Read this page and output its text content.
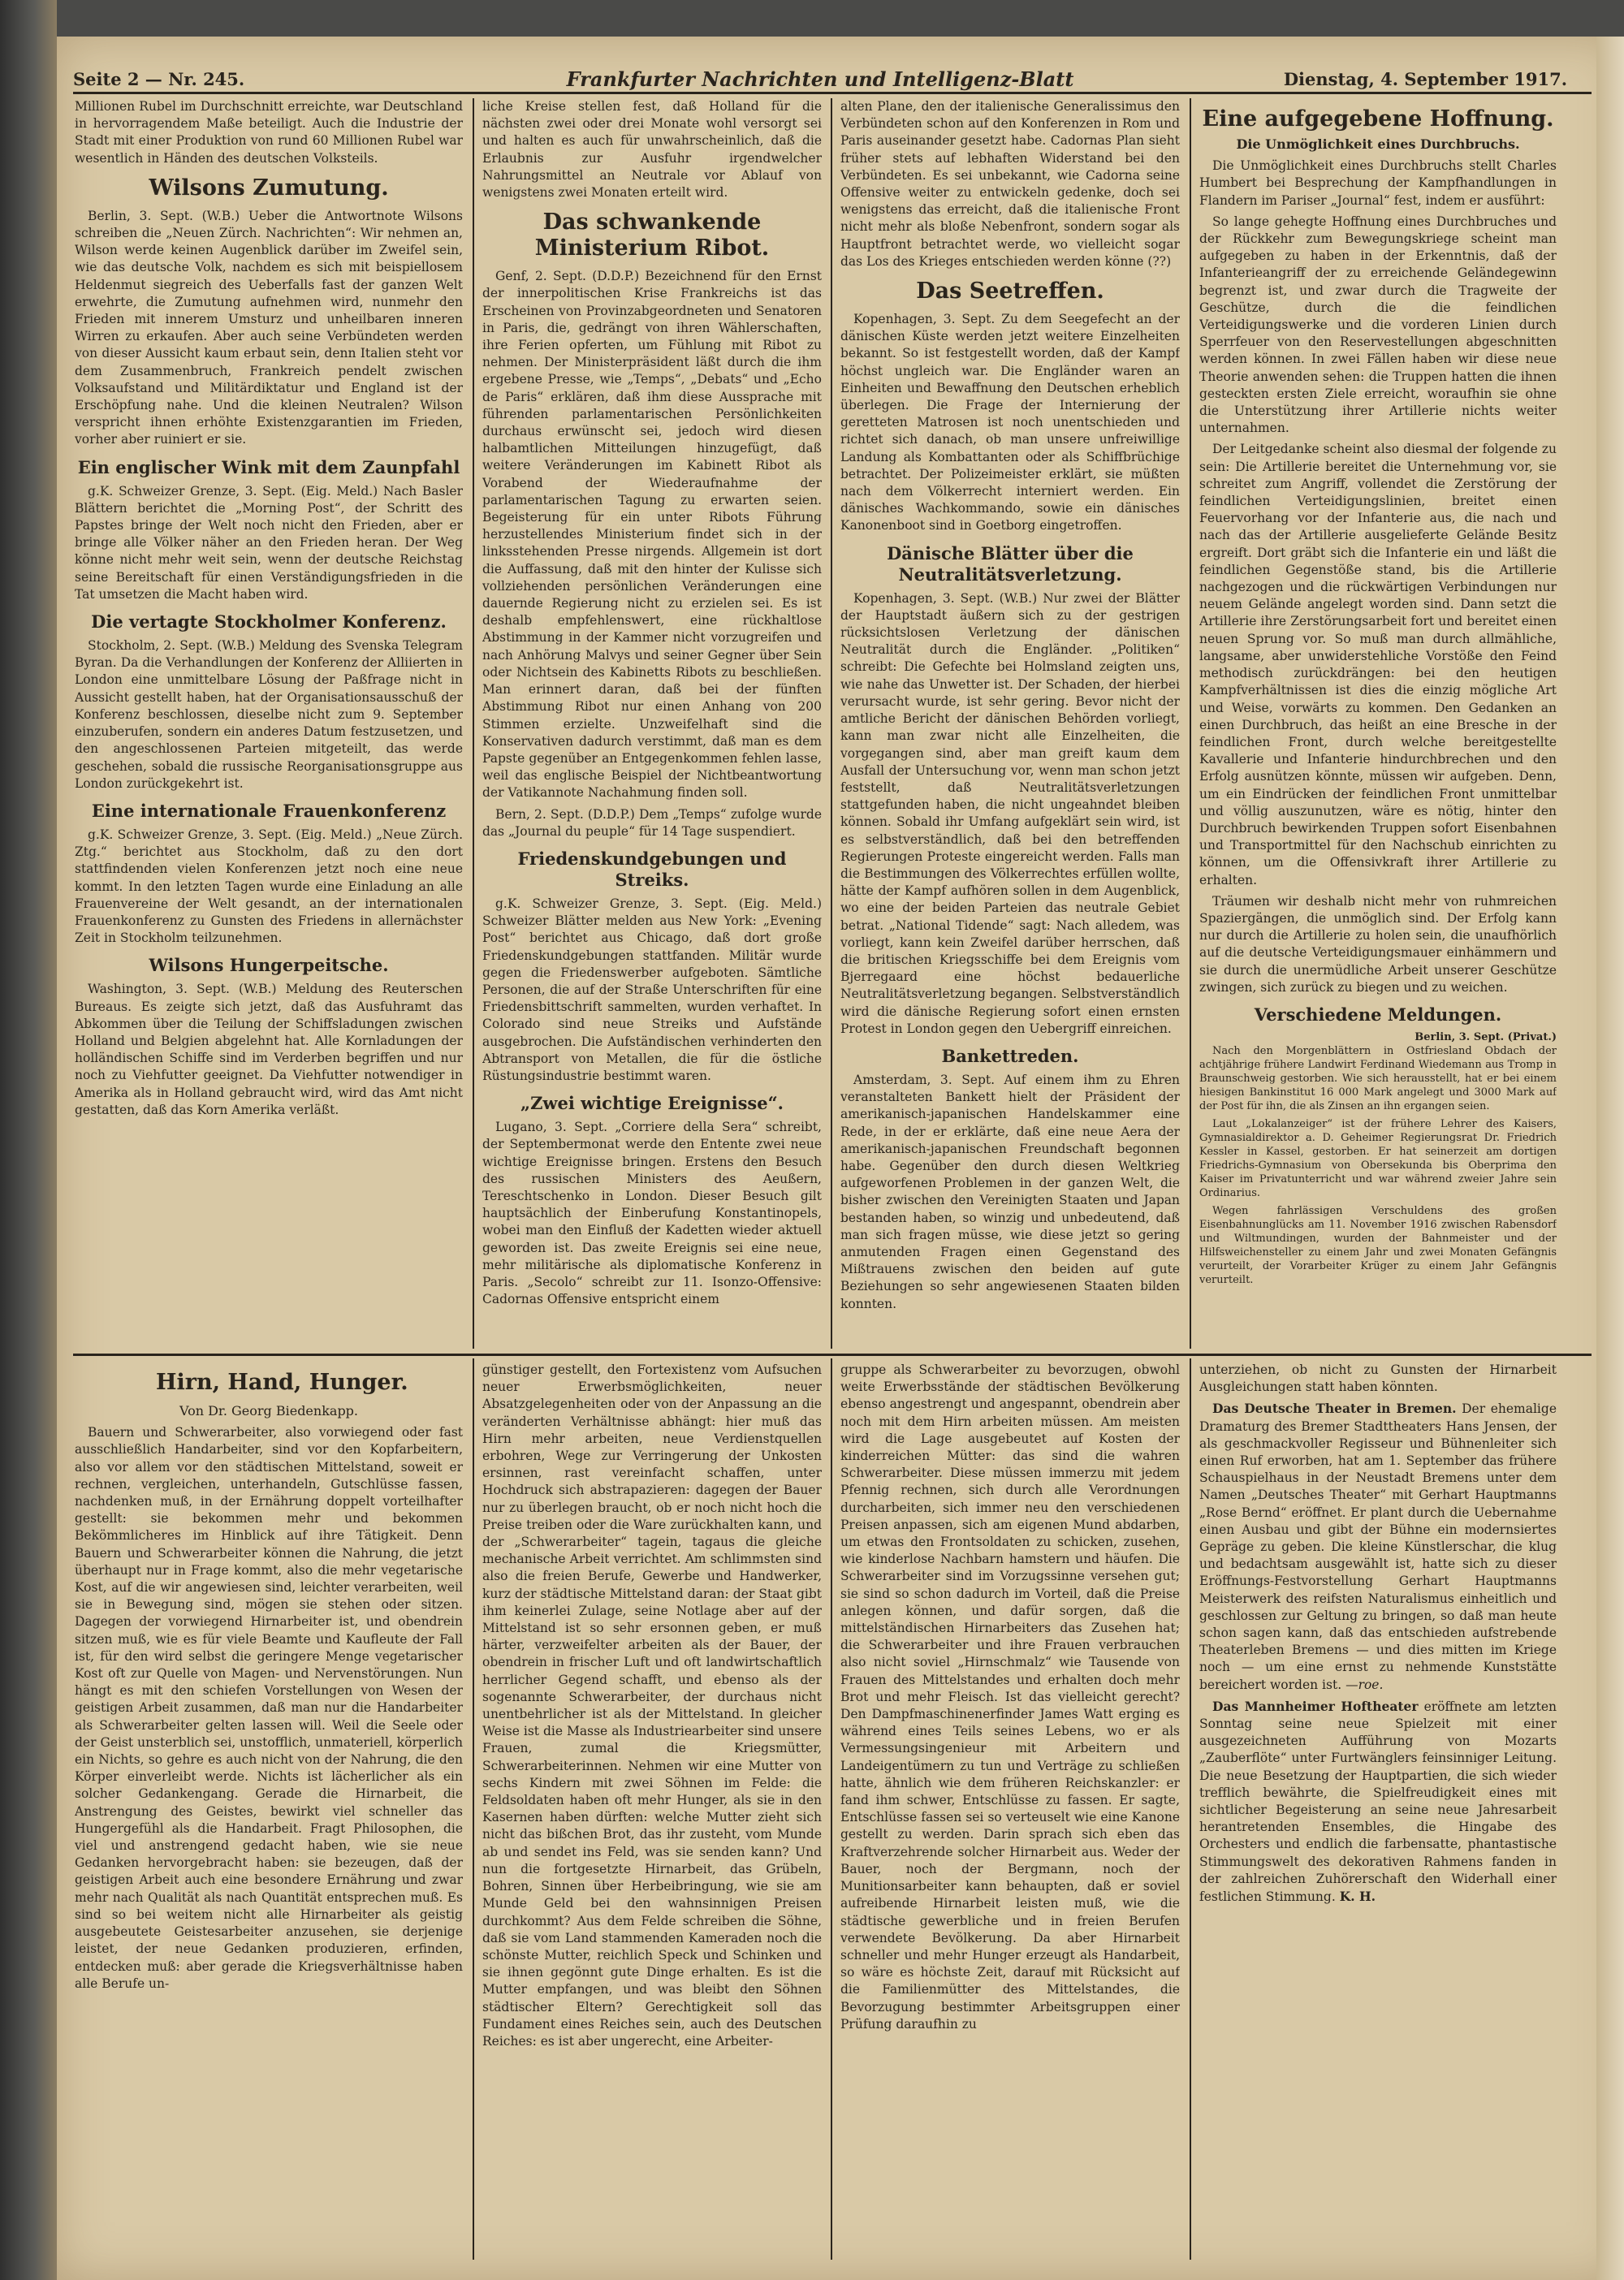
Seite 2 — Nr. 245.	Frankfurter Nachrichten und Intelligenz-Blatt	Dienstag, 4. September 1917.

Millionen Rubel im Durchschnitt erreichte, war Deutschland in hervorragendem Maße beteiligt. Auch die Industrie der Stadt mit einer Produktion von rund 60 Millionen Rubel war wesentlich in Händen des deutschen Volksteils.

Wilsons Zumutung.

Berlin, 3. Sept. (W.B.) Ueber die Antwortnote Wilsons schreiben die „Neuen Zürch. Nachrichten“: Wir nehmen an, Wilson werde keinen Augenblick darüber im Zweifel sein, wie das deutsche Volk, nachdem es sich mit beispiellosem Heldenmut siegreich des Ueberfalls fast der ganzen Welt erwehrte, die Zumutung aufnehmen wird, nunmehr den Frieden mit innerem Umsturz und unheilbaren inneren Wirren zu erkaufen. Aber auch seine Verbündeten werden von dieser Aussicht kaum erbaut sein, denn Italien steht vor dem Zusammenbruch, Frankreich pendelt zwischen Volksaufstand und Militärdiktatur und England ist der Erschöpfung nahe. Und die kleinen Neutralen? Wilson verspricht ihnen erhöhte Existenzgarantien im Frieden, vorher aber ruiniert er sie.

Ein englischer Wink mit dem Zaunpfahl

g.K. Schweizer Grenze, 3. Sept. (Eig. Meld.) Nach Basler Blättern berichtet die „Morning Post“, der Schritt des Papstes bringe der Welt noch nicht den Frieden, aber er bringe alle Völker näher an den Frieden heran. Der Weg könne nicht mehr weit sein, wenn der deutsche Reichstag seine Bereitschaft für einen Verständigungsfrieden in die Tat umsetzen die Macht haben wird.

Die vertagte Stockholmer Konferenz.

Stockholm, 2. Sept. (W.B.) Meldung des Svenska Telegram Byran. Da die Verhandlungen der Konferenz der Alliierten in London eine unmittelbare Lösung der Paßfrage nicht in Aussicht gestellt haben, hat der Organisationsausschuß der Konferenz beschlossen, dieselbe nicht zum 9. September einzuberufen, sondern ein anderes Datum festzusetzen, und den angeschlossenen Parteien mitgeteilt, das werde geschehen, sobald die russische Reorganisationsgruppe aus London zurückgekehrt ist.

Eine internationale Frauenkonferenz

g.K. Schweizer Grenze, 3. Sept. (Eig. Meld.) „Neue Zürch. Ztg.“ berichtet aus Stockholm, daß zu den dort stattfindenden vielen Konferenzen jetzt noch eine neue kommt. In den letzten Tagen wurde eine Einladung an alle Frauenvereine der Welt gesandt, an der internationalen Frauenkonferenz zu Gunsten des Friedens in allernächster Zeit in Stockholm teilzunehmen.

Wilsons Hungerpeitsche.

Washington, 3. Sept. (W.B.) Meldung des Reuterschen Bureaus. Es zeigte sich jetzt, daß das Ausfuhramt das Abkommen über die Teilung der Schiffsladungen zwischen Holland und Belgien abgelehnt hat. Alle Kornladungen der holländischen Schiffe sind im Verderben begriffen und nur noch zu Viehfutter geeignet. Da Viehfutter notwendiger in Amerika als in Holland gebraucht wird, wird das Amt nicht gestatten, daß das Korn Amerika verläßt.

liche Kreise stellen fest, daß Holland für die nächsten zwei oder drei Monate wohl versorgt sei und halten es auch für unwahrscheinlich, daß die Erlaubnis zur Ausfuhr irgendwelcher Nahrungsmittel an Neutrale vor Ablauf von wenigstens zwei Monaten erteilt wird.

Das schwankende Ministerium Ribot.

Genf, 2. Sept. (D.D.P.) Bezeichnend für den Ernst der innerpolitischen Krise Frankreichs ist das Erscheinen von Provinzabgeordneten und Senatoren in Paris, die, gedrängt von ihren Wählerschaften, ihre Ferien opferten, um Fühlung mit Ribot zu nehmen. Der Ministerpräsident läßt durch die ihm ergebene Presse, wie „Temps“, „Debats“ und „Echo de Paris“ erklären, daß ihm diese Aussprache mit führenden parlamentarischen Persönlichkeiten durchaus erwünscht sei, jedoch wird diesen halbamtlichen Mitteilungen hinzugefügt, daß weitere Veränderungen im Kabinett Ribot als Vorabend der Wiederaufnahme der parlamentarischen Tagung zu erwarten seien. Begeisterung für ein unter Ribots Führung herzustellendes Ministerium findet sich in der linksstehenden Presse nirgends. Allgemein ist dort die Auffassung, daß mit den hinter der Kulisse sich vollziehenden persönlichen Veränderungen eine dauernde Regierung nicht zu erzielen sei. Es ist deshalb empfehlenswert, eine rückhaltlose Abstimmung in der Kammer nicht vorzugreifen und nach Anhörung Malvys und seiner Gegner über Sein oder Nichtsein des Kabinetts Ribots zu beschließen. Man erinnert daran, daß bei der fünften Abstimmung Ribot nur einen Anhang von 200 Stimmen erzielte. Unzweifelhaft sind die Konservativen dadurch verstimmt, daß man es dem Papste gegenüber an Entgegenkommen fehlen lasse, weil das englische Beispiel der Nichtbeantwortung der Vatikannote Nachahmung finden soll.

Bern, 2. Sept. (D.D.P.) Dem „Temps“ zufolge wurde das „Journal du peuple“ für 14 Tage suspendiert.

Friedenskundgebungen und Streiks.

g.K. Schweizer Grenze, 3. Sept. (Eig. Meld.) Schweizer Blätter melden aus New York: „Evening Post“ berichtet aus Chicago, daß dort große Friedenskundgebungen stattfanden. Militär wurde gegen die Friedenswerber aufgeboten. Sämtliche Personen, die auf der Straße Unterschriften für eine Friedensbittschrift sammelten, wurden verhaftet. In Colorado sind neue Streiks und Aufstände ausgebrochen. Die Aufständischen verhinderten den Abtransport von Metallen, die für die östliche Rüstungsindustrie bestimmt waren.

„Zwei wichtige Ereignisse“.

Lugano, 3. Sept. „Corriere della Sera“ schreibt, der Septembermonat werde den Entente zwei neue wichtige Ereignisse bringen. Erstens den Besuch des russischen Ministers des Aeußern, Tereschtschenko in London. Dieser Besuch gilt hauptsächlich der Einberufung Konstantinopels, wobei man den Einfluß der Kadetten wieder aktuell geworden ist. Das zweite Ereignis sei eine neue, mehr militärische als diplomatische Konferenz in Paris. „Secolo“ schreibt zur 11. Isonzo-Offensive: Cadornas Offensive entspricht einem

alten Plane, den der italienische Generalissimus den Verbündeten schon auf den Konferenzen in Rom und Paris auseinander gesetzt habe. Cadornas Plan sieht früher stets auf lebhaften Widerstand bei den Verbündeten. Es sei unbekannt, wie Cadorna seine Offensive weiter zu entwickeln gedenke, doch sei wenigstens das erreicht, daß die italienische Front nicht mehr als bloße Nebenfront, sondern sogar als Hauptfront betrachtet werde, wo vielleicht sogar das Los des Krieges entschieden werden könne (??)

Das Seetreffen.

Kopenhagen, 3. Sept. Zu dem Seegefecht an der dänischen Küste werden jetzt weitere Einzelheiten bekannt. So ist festgestellt worden, daß der Kampf höchst ungleich war. Die Engländer waren an Einheiten und Bewaffnung den Deutschen erheblich überlegen. Die Frage der Internierung der geretteten Matrosen ist noch unentschieden und richtet sich danach, ob man unsere unfreiwillige Landung als Kombattanten oder als Schiffbrüchige betrachtet. Der Polizeimeister erklärt, sie müßten nach dem Völkerrecht interniert werden. Ein dänisches Wachkommando, sowie ein dänisches Kanonenboot sind in Goetborg eingetroffen.

Dänische Blätter über die Neutralitätsverletzung.

Kopenhagen, 3. Sept. (W.B.) Nur zwei der Blätter der Hauptstadt äußern sich zu der gestrigen rücksichtslosen Verletzung der dänischen Neutralität durch die Engländer. „Politiken“ schreibt: Die Gefechte bei Holmsland zeigten uns, wie nahe das Unwetter ist. Der Schaden, der hierbei verursacht wurde, ist sehr gering. Bevor nicht der amtliche Bericht der dänischen Behörden vorliegt, kann man zwar nicht alle Einzelheiten, die vorgegangen sind, aber man greift kaum dem Ausfall der Untersuchung vor, wenn man schon jetzt feststellt, daß Neutralitätsverletzungen stattgefunden haben, die nicht ungeahndet bleiben können. Sobald ihr Umfang aufgeklärt sein wird, ist es selbstverständlich, daß bei den betreffenden Regierungen Proteste eingereicht werden. Falls man die Bestimmungen des Völkerrechtes erfüllen wollte, hätte der Kampf aufhören sollen in dem Augenblick, wo eine der beiden Parteien das neutrale Gebiet betrat. „National Tidende“ sagt: Nach alledem, was vorliegt, kann kein Zweifel darüber herrschen, daß die britischen Kriegsschiffe bei dem Ereignis vom Bjerregaard eine höchst bedauerliche Neutralitätsverletzung begangen. Selbstverständlich wird die dänische Regierung sofort einen ernsten Protest in London gegen den Uebergriff einreichen.

Bankettreden.

Amsterdam, 3. Sept. Auf einem ihm zu Ehren veranstalteten Bankett hielt der Präsident der amerikanisch-japanischen Handelskammer eine Rede, in der er erklärte, daß eine neue Aera der amerikanisch-japanischen Freundschaft begonnen habe. Gegenüber den durch diesen Weltkrieg aufgeworfenen Problemen in der ganzen Welt, die bisher zwischen den Vereinigten Staaten und Japan bestanden haben, so winzig und unbedeutend, daß man sich fragen müsse, wie diese jetzt so gering anmutenden Fragen einen Gegenstand des Mißtrauens zwischen den beiden auf gute Beziehungen so sehr angewiesenen Staaten bilden konnten.

Eine aufgegebene Hoffnung.
Die Unmöglichkeit eines Durchbruchs.

Die Unmöglichkeit eines Durchbruchs stellt Charles Humbert bei Besprechung der Kampfhandlungen in Flandern im Pariser „Journal“ fest, indem er ausführt:

So lange gehegte Hoffnung eines Durchbruches und der Rückkehr zum Bewegungskriege scheint man aufgegeben zu haben in der Erkenntnis, daß der Infanterieangriff der zu erreichende Geländegewinn begrenzt ist, und zwar durch die Tragweite der Geschütze, durch die die feindlichen Verteidigungswerke und die vorderen Linien durch Sperrfeuer von den Reservestellungen abgeschnitten werden können. In zwei Fällen haben wir diese neue Theorie anwenden sehen: die Truppen hatten die ihnen gesteckten ersten Ziele erreicht, woraufhin sie ohne die Unterstützung ihrer Artillerie nichts weiter unternahmen.

Der Leitgedanke scheint also diesmal der folgende zu sein: Die Artillerie bereitet die Unternehmung vor, sie schreitet zum Angriff, vollendet die Zerstörung der feindlichen Verteidigungslinien, breitet einen Feuervorhang vor der Infanterie aus, die nach und nach das der Artillerie ausgelieferte Gelände Besitz ergreift. Dort gräbt sich die Infanterie ein und läßt die feindlichen Gegenstöße stand, bis die Artillerie nachgezogen und die rückwärtigen Verbindungen nur neuem Gelände angelegt worden sind. Dann setzt die Artillerie ihre Zerstörungsarbeit fort und bereitet einen neuen Sprung vor. So muß man durch allmähliche, langsame, aber unwiderstehliche Vorstöße den Feind methodisch zurückdrängen: bei den heutigen Kampfverhältnissen ist dies die einzig mögliche Art und Weise, vorwärts zu kommen. Den Gedanken an einen Durchbruch, das heißt an eine Bresche in der feindlichen Front, durch welche bereitgestellte Kavallerie und Infanterie hindurchbrechen und den Erfolg ausnützen könnte, müssen wir aufgeben. Denn, um ein Eindrücken der feindlichen Front unmittelbar und völlig auszunutzen, wäre es nötig, hinter den Durchbruch bewirkenden Truppen sofort Eisenbahnen und Transportmittel für den Nachschub einrichten zu können, um die Offensivkraft ihrer Artillerie zu erhalten.

Träumen wir deshalb nicht mehr von ruhmreichen Spaziergängen, die unmöglich sind. Der Erfolg kann nur durch die Artillerie zu holen sein, die unaufhörlich auf die deutsche Verteidigungsmauer einhämmern und sie durch die unermüdliche Arbeit unserer Geschütze zwingen, sich zurück zu biegen und zu weichen.

Verschiedene Meldungen.
Berlin, 3. Sept. (Privat.)

Nach den Morgenblättern in Ostfriesland Obdach der achtjährige frühere Landwirt Ferdinand Wiedemann aus Tromp in Braunschweig gestorben. Wie sich herausstellt, hat er bei einem hiesigen Bankinstitut 16 000 Mark angelegt und 3000 Mark auf der Post für ihn, die als Zinsen an ihn ergangen seien.

Laut „Lokalanzeiger“ ist der frühere Lehrer des Kaisers, Gymnasialdirektor a. D. Geheimer Regierungsrat Dr. Friedrich Kessler in Kassel, gestorben. Er hat seinerzeit am dortigen Friedrichs-Gymnasium von Obersekunda bis Oberprima den Kaiser im Privatunterricht und war während zweier Jahre sein Ordinarius.

Wegen fahrlässigen Verschuldens des großen Eisenbahnunglücks am 11. November 1916 zwischen Rabensdorf und Wiltmundingen, wurden der Bahnmeister und der Hilfsweichensteller zu einem Jahr und zwei Monaten Gefängnis verurteilt, der Vorarbeiter Krüger zu einem Jahr Gefängnis verurteilt.

Hirn, Hand, Hunger.
Von Dr. Georg Biedenkapp.

Bauern und Schwerarbeiter, also vorwiegend oder fast ausschließlich Handarbeiter, sind vor den Kopfarbeitern, also vor allem vor den städtischen Mittelstand, soweit er rechnen, vergleichen, unterhandeln, Gutschlüsse fassen, nachdenken muß, in der Ernährung doppelt vorteilhafter gestellt: sie bekommen mehr und bekommen Bekömmlicheres im Hinblick auf ihre Tätigkeit. Denn Bauern und Schwerarbeiter können die Nahrung, die jetzt überhaupt nur in Frage kommt, also die mehr vegetarische Kost, auf die wir angewiesen sind, leichter verarbeiten, weil sie in Bewegung sind, mögen sie stehen oder sitzen. Dagegen der vorwiegend Hirnarbeiter ist, und obendrein sitzen muß, wie es für viele Beamte und Kaufleute der Fall ist, für den wird selbst die geringere Menge vegetarischer Kost oft zur Quelle von Magen- und Nervenstörungen. Nun hängt es mit den schiefen Vorstellungen von Wesen der geistigen Arbeit zusammen, daß man nur die Handarbeiter als Schwerarbeiter gelten lassen will. Weil die Seele oder der Geist unsterblich sei, unstofflich, unmateriell, körperlich ein Nichts, so gehre es auch nicht von der Nahrung, die den Körper einverleibt werde. Nichts ist lächerlicher als ein solcher Gedankengang. Gerade die Hirnarbeit, die Anstrengung des Geistes, bewirkt viel schneller das Hungergefühl als die Handarbeit. Fragt Philosophen, die viel und anstrengend gedacht haben, wie sie neue Gedanken hervorgebracht haben: sie bezeugen, daß der geistigen Arbeit auch eine besondere Ernährung und zwar mehr nach Qualität als nach Quantität entsprechen muß. Es sind so bei weitem nicht alle Hirnarbeiter als geistig ausgebeutete Geistesarbeiter anzusehen, sie derjenige leistet, der neue Gedanken produzieren, erfinden, entdecken muß: aber gerade die Kriegsverhältnisse haben alle Berufe un-

günstiger gestellt, den Fortexistenz vom Aufsuchen neuer Erwerbsmöglichkeiten, neuer Absatzgelegenheiten oder von der Anpassung an die veränderten Verhältnisse abhängt: hier muß das Hirn mehr arbeiten, neue Verdienstquellen erbohren, Wege zur Verringerung der Unkosten ersinnen, rast vereinfacht schaffen, unter Hochdruck sich abstrapazieren: dagegen der Bauer nur zu überlegen braucht, ob er noch nicht hoch die Preise treiben oder die Ware zurückhalten kann, und der „Schwerarbeiter“ tagein, tagaus die gleiche mechanische Arbeit verrichtet. Am schlimmsten sind also die freien Berufe, Gewerbe und Handwerker, kurz der städtische Mittelstand daran: der Staat gibt ihm keinerlei Zulage, seine Notlage aber auf der Mittelstand ist so sehr ersonnen geben, er muß härter, verzweifelter arbeiten als der Bauer, der obendrein in frischer Luft und oft landwirtschaftlich herrlicher Gegend schafft, und ebenso als der sogenannte Schwerarbeiter, der durchaus nicht unentbehrlicher ist als der Mittelstand. In gleicher Weise ist die Masse als Industriearbeiter sind unsere Frauen, zumal die Kriegsmütter, Schwerarbeiterinnen. Nehmen wir eine Mutter von sechs Kindern mit zwei Söhnen im Felde: die Feldsoldaten haben oft mehr Hunger, als sie in den Kasernen haben dürften: welche Mutter zieht sich nicht das bißchen Brot, das ihr zusteht, vom Munde ab und sendet ins Feld, was sie senden kann? Und nun die fortgesetzte Hirnarbeit, das Grübeln, Bohren, Sinnen über Herbeibringung, wie sie am Munde Geld bei den wahnsinnigen Preisen durchkommt? Aus dem Felde schreiben die Söhne, daß sie vom Land stammenden Kameraden noch die schönste Mutter, reichlich Speck und Schinken und sie ihnen gegönnt gute Dinge erhalten. Es ist die Mutter empfangen, und was bleibt den Söhnen städtischer Eltern? Gerechtigkeit soll das Fundament eines Reiches sein, auch des Deutschen Reiches: es ist aber ungerecht, eine Arbeiter-

gruppe als Schwerarbeiter zu bevorzugen, obwohl weite Erwerbsstände der städtischen Bevölkerung ebenso angestrengt und angespannt, obendrein aber noch mit dem Hirn arbeiten müssen. Am meisten wird die Lage ausgebeutet auf Kosten der kinderreichen Mütter: das sind die wahren Schwerarbeiter. Diese müssen immerzu mit jedem Pfennig rechnen, sich durch alle Verordnungen durcharbeiten, sich immer neu den verschiedenen Preisen anpassen, sich am eigenen Mund abdarben, um etwas den Frontsoldaten zu schicken, zusehen, wie kinderlose Nachbarn hamstern und häufen. Die Schwerarbeiter sind im Vorzugssinne versehen gut; sie sind so schon dadurch im Vorteil, daß die Preise anlegen können, und dafür sorgen, daß die mittelständischen Hirnarbeiters das Zusehen hat; die Schwerarbeiter und ihre Frauen verbrauchen also nicht soviel „Hirnschmalz“ wie Tausende von Frauen des Mittelstandes und erhalten doch mehr Brot und mehr Fleisch. Ist das vielleicht gerecht? Den Dampfmaschinenerfinder James Watt erging es während eines Teils seines Lebens, wo er als Vermessungsingenieur mit Arbeitern und Landeigentümern zu tun und Verträge zu schließen hatte, ähnlich wie dem früheren Reichskanzler: er fand ihm schwer, Entschlüsse zu fassen. Er sagte, Entschlüsse fassen sei so verteuselt wie eine Kanone gestellt zu werden. Darin sprach sich eben das Kraftverzehrende solcher Hirnarbeit aus. Weder der Bauer, noch der Bergmann, noch der Munitionsarbeiter kann behaupten, daß er soviel aufreibende Hirnarbeit leisten muß, wie die städtische gewerbliche und in freien Berufen verwendete Bevölkerung. Da aber Hirnarbeit schneller und mehr Hunger erzeugt als Handarbeit, so wäre es höchste Zeit, darauf mit Rücksicht auf die Familienmütter des Mittelstandes, die Bevorzugung bestimmter Arbeitsgruppen einer Prüfung daraufhin zu

unterziehen, ob nicht zu Gunsten der Hirnarbeit Ausgleichungen statt haben könnten.

Das Deutsche Theater in Bremen. Der ehemalige Dramaturg des Bremer Stadttheaters Hans Jensen, der als geschmackvoller Regisseur und Bühnenleiter sich einen Ruf erworben, hat am 1. September das frühere Schauspielhaus in der Neustadt Bremens unter dem Namen „Deutsches Theater“ mit Gerhart Hauptmanns „Rose Bernd“ eröffnet. Er plant durch die Uebernahme einen Ausbau und gibt der Bühne ein modernsiertes Gepräge zu geben. Die kleine Künstlerschar, die klug und bedachtsam ausgewählt ist, hatte sich zu dieser Eröffnungs-Festvorstellung Gerhart Hauptmanns Meisterwerk des reifsten Naturalismus einheitlich und geschlossen zur Geltung zu bringen, so daß man heute schon sagen kann, daß das entschieden aufstrebende Theaterleben Bremens — und dies mitten im Kriege noch — um eine ernst zu nehmende Kunststätte bereichert worden ist. —roe.

Das Mannheimer Hoftheater eröffnete am letzten Sonntag seine neue Spielzeit mit einer ausgezeichneten Aufführung von Mozarts „Zauberflöte“ unter Furtwänglers feinsinniger Leitung. Die neue Besetzung der Hauptpartien, die sich wieder trefflich bewährte, die Spielfreudigkeit eines mit sichtlicher Begeisterung an seine neue Jahresarbeit herantretenden Ensembles, die Hingabe des Orchesters und endlich die farbensatte, phantastische Stimmungswelt des dekorativen Rahmens fanden in der zahlreichen Zuhörerschaft den Widerhall einer festlichen Stimmung. K. H.
